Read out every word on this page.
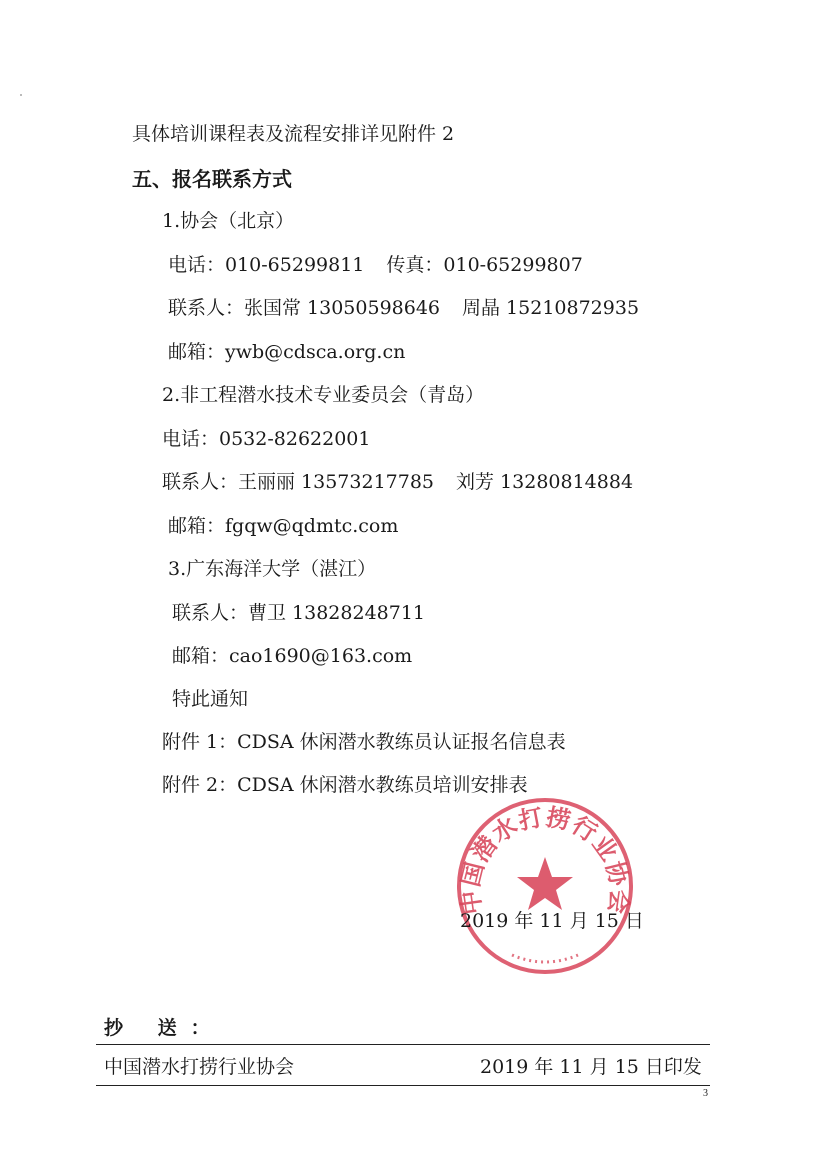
具体培训课程表及流程安排详见附件 2
五、报名联系方式
1.协会（北京）
电话：010-65299811 传真：010-65299807
联系人：张国常 13050598646 周晶 15210872935
邮箱：ywb@cdsca.org.cn
2.非工程潜水技术专业委员会（青岛）
电话：0532-82622001
联系人：王丽丽 13573217785 刘芳 13280814884
邮箱：fgqw@qdmtc.com
3.广东海洋大学（湛江）
联系人：曹卫 13828248711
邮箱：cao1690@163.com
特此通知
附件 1：CDSA 休闲潜水教练员认证报名信息表
附件 2：CDSA 休闲潜水教练员培训安排表
中国潜水打捞行业协会
2019 年 11 月 15 日
抄 送：
中国潜水打捞行业协会	2019 年 11 月 15 日印发
3
